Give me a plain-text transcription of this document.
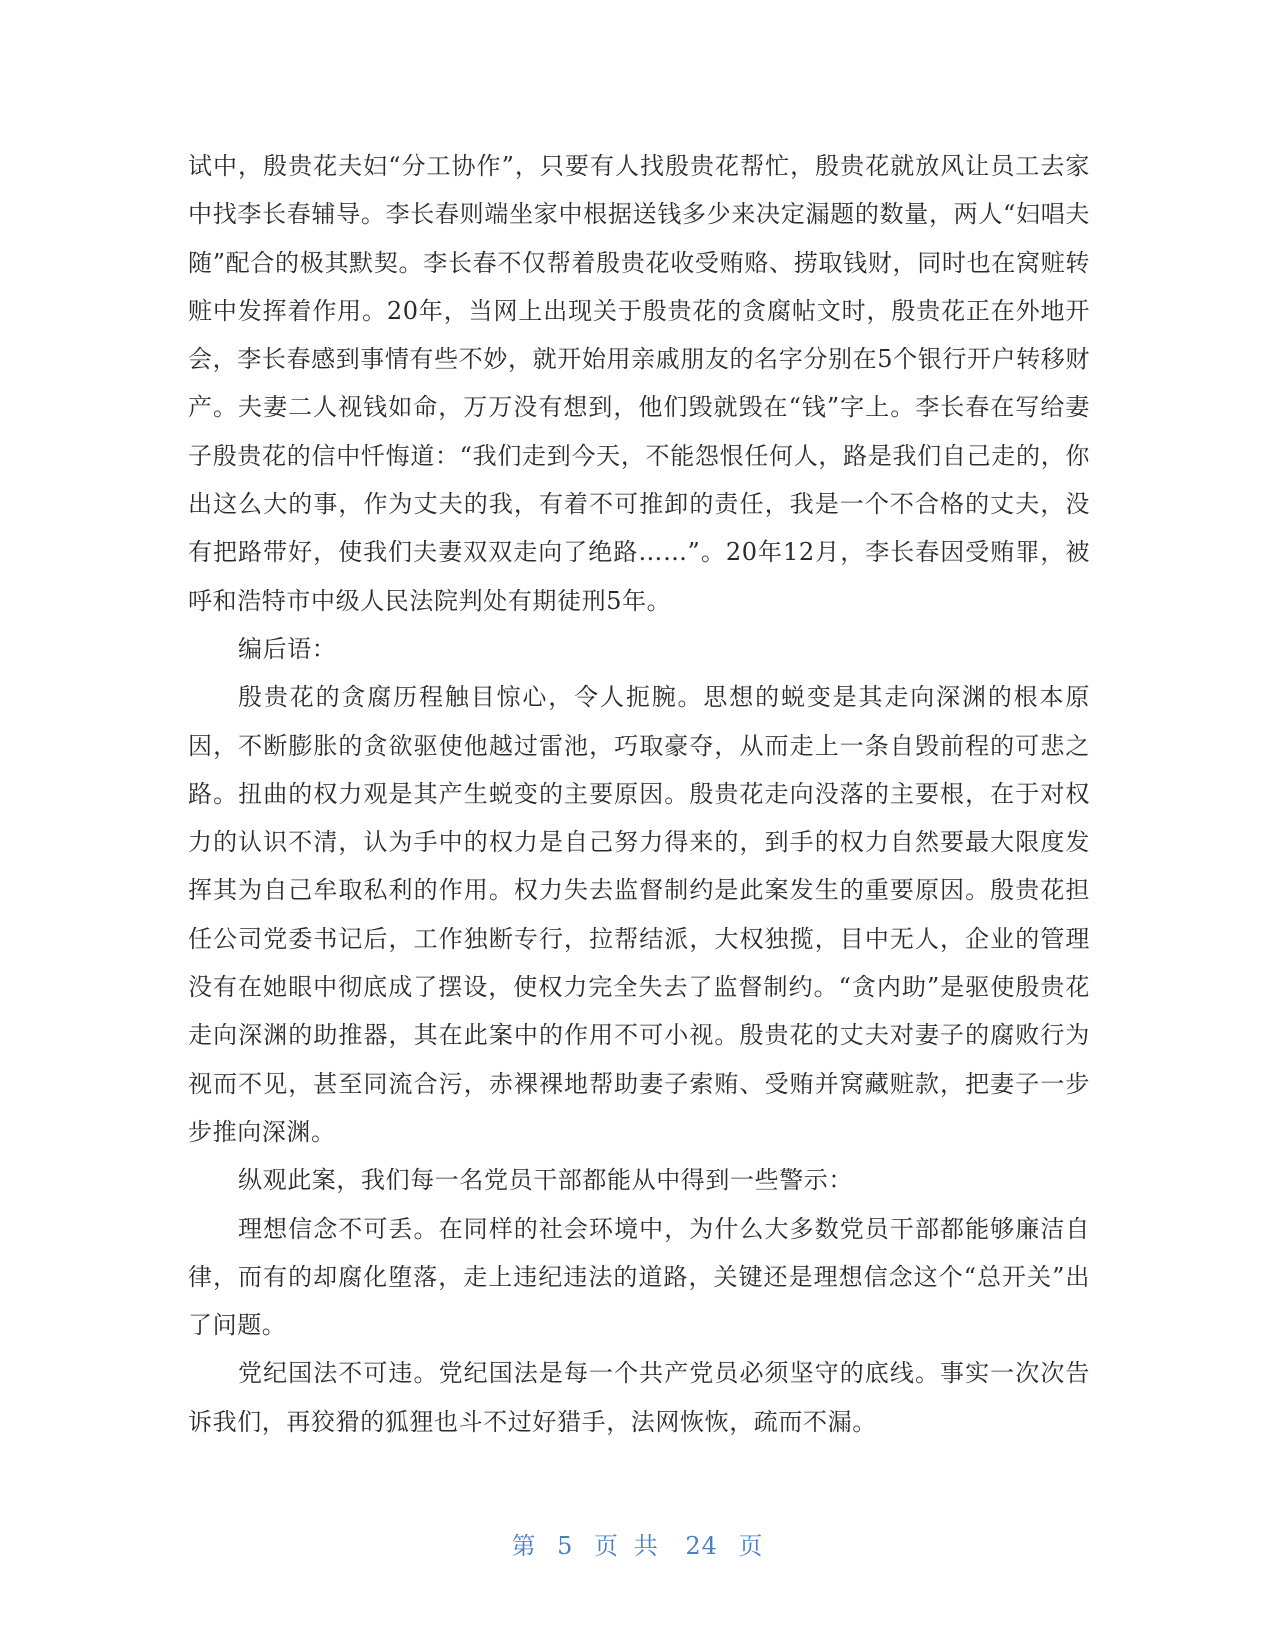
试中，殷贵花夫妇“分工协作”，只要有人找殷贵花帮忙，殷贵花就放风让员工去家中找李长春辅导。李长春则端坐家中根据送钱多少来决定漏题的数量，两人“妇唱夫随”配合的极其默契。李长春不仅帮着殷贵花收受贿赂、捞取钱财，同时也在窝赃转赃中发挥着作用。20年，当网上出现关于殷贵花的贪腐帖文时，殷贵花正在外地开会，李长春感到事情有些不妙，就开始用亲戚朋友的名字分别在5个银行开户转移财产。夫妻二人视钱如命，万万没有想到，他们毁就毁在“钱”字上。李长春在写给妻子殷贵花的信中忏悔道：“我们走到今天，不能怨恨任何人，路是我们自己走的，你出这么大的事，作为丈夫的我，有着不可推卸的责任，我是一个不合格的丈夫，没有把路带好，使我们夫妻双双走向了绝路……”。20年12月，李长春因受贿罪，被呼和浩特市中级人民法院判处有期徒刑5年。

编后语：

殷贵花的贪腐历程触目惊心，令人扼腕。思想的蜕变是其走向深渊的根本原因，不断膨胀的贪欲驱使他越过雷池，巧取豪夺，从而走上一条自毁前程的可悲之路。扭曲的权力观是其产生蜕变的主要原因。殷贵花走向没落的主要根，在于对权力的认识不清，认为手中的权力是自己努力得来的，到手的权力自然要最大限度发挥其为自己牟取私利的作用。权力失去监督制约是此案发生的重要原因。殷贵花担任公司党委书记后，工作独断专行，拉帮结派，大权独揽，目中无人，企业的管理没有在她眼中彻底成了摆设，使权力完全失去了监督制约。“贪内助”是驱使殷贵花走向深渊的助推器，其在此案中的作用不可小视。殷贵花的丈夫对妻子的腐败行为视而不见，甚至同流合污，赤裸裸地帮助妻子索贿、受贿并窝藏赃款，把妻子一步步推向深渊。

纵观此案，我们每一名党员干部都能从中得到一些警示：

理想信念不可丢。在同样的社会环境中，为什么大多数党员干部都能够廉洁自律，而有的却腐化堕落，走上违纪违法的道路，关键还是理想信念这个“总开关”出了问题。

党纪国法不可违。党纪国法是每一个共产党员必须坚守的底线。事实一次次告诉我们，再狡猾的狐狸也斗不过好猎手，法网恢恢，疏而不漏。

第 5 页 共 24 页
